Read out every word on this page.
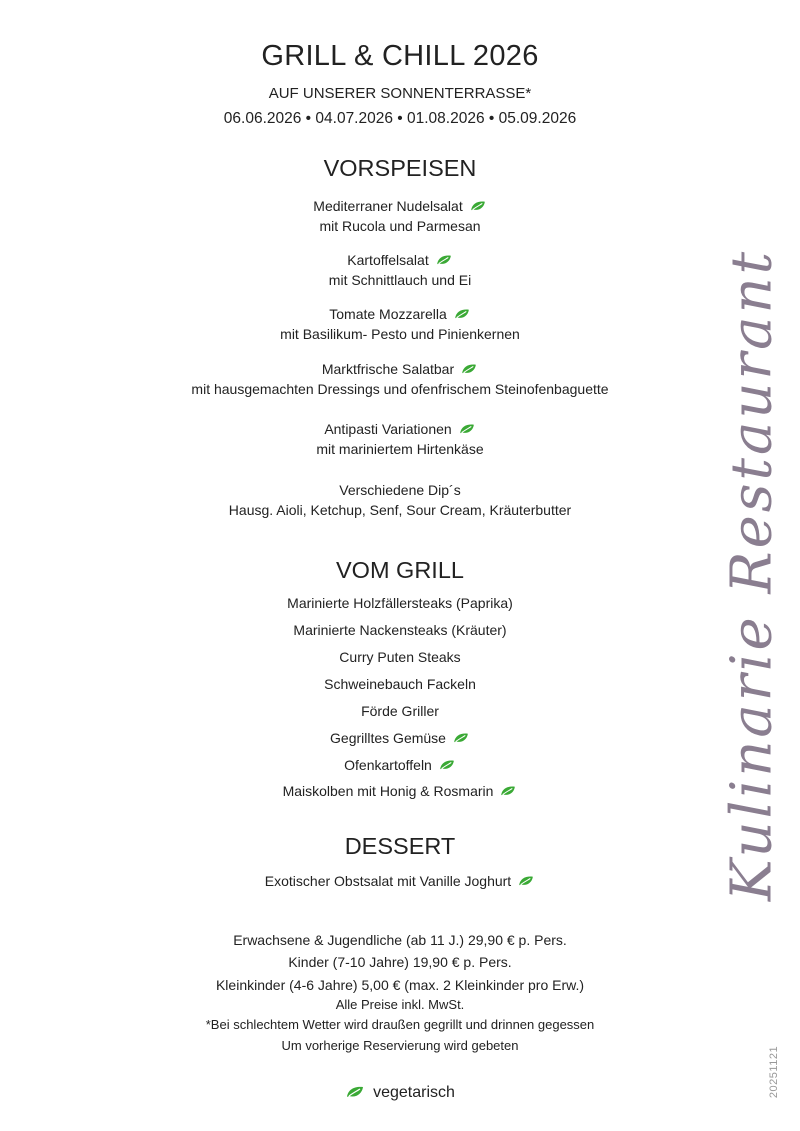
GRILL & CHILL 2026
AUF UNSERER SONNENTERRASSE*
06.06.2026 • 04.07.2026 • 01.08.2026 • 05.09.2026
VORSPEISEN
Mediterraner Nudelsalat
mit Rucola und Parmesan
Kartoffelsalat
mit Schnittlauch und Ei
Tomate Mozzarella
mit Basilikum- Pesto und Pinienkernen
Marktfrische Salatbar
mit hausgemachten Dressings und ofenfrischem Steinofenbaguette
Antipasti Variationen
mit mariniertem Hirtenkäse
Verschiedene Dip´s
Hausg. Aioli, Ketchup, Senf, Sour Cream, Kräuterbutter
VOM GRILL
Marinierte Holzfällersteaks (Paprika)
Marinierte Nackensteaks (Kräuter)
Curry Puten Steaks
Schweinebauch Fackeln
Förde Griller
Gegrilltes Gemüse
Ofenkartoffeln
Maiskolben mit Honig & Rosmarin
DESSERT
Exotischer Obstsalat mit Vanille Joghurt
Erwachsene & Jugendliche (ab 11 J.) 29,90 € p. Pers.
Kinder (7-10 Jahre) 19,90 € p. Pers.
Kleinkinder (4-6 Jahre) 5,00 € (max. 2 Kleinkinder pro Erw.)
Alle Preise inkl. MwSt.
*Bei schlechtem Wetter wird draußen gegrillt und drinnen gegessen
Um vorherige Reservierung wird gebeten
vegetarisch
Kulinarie Restaurant
20251121
